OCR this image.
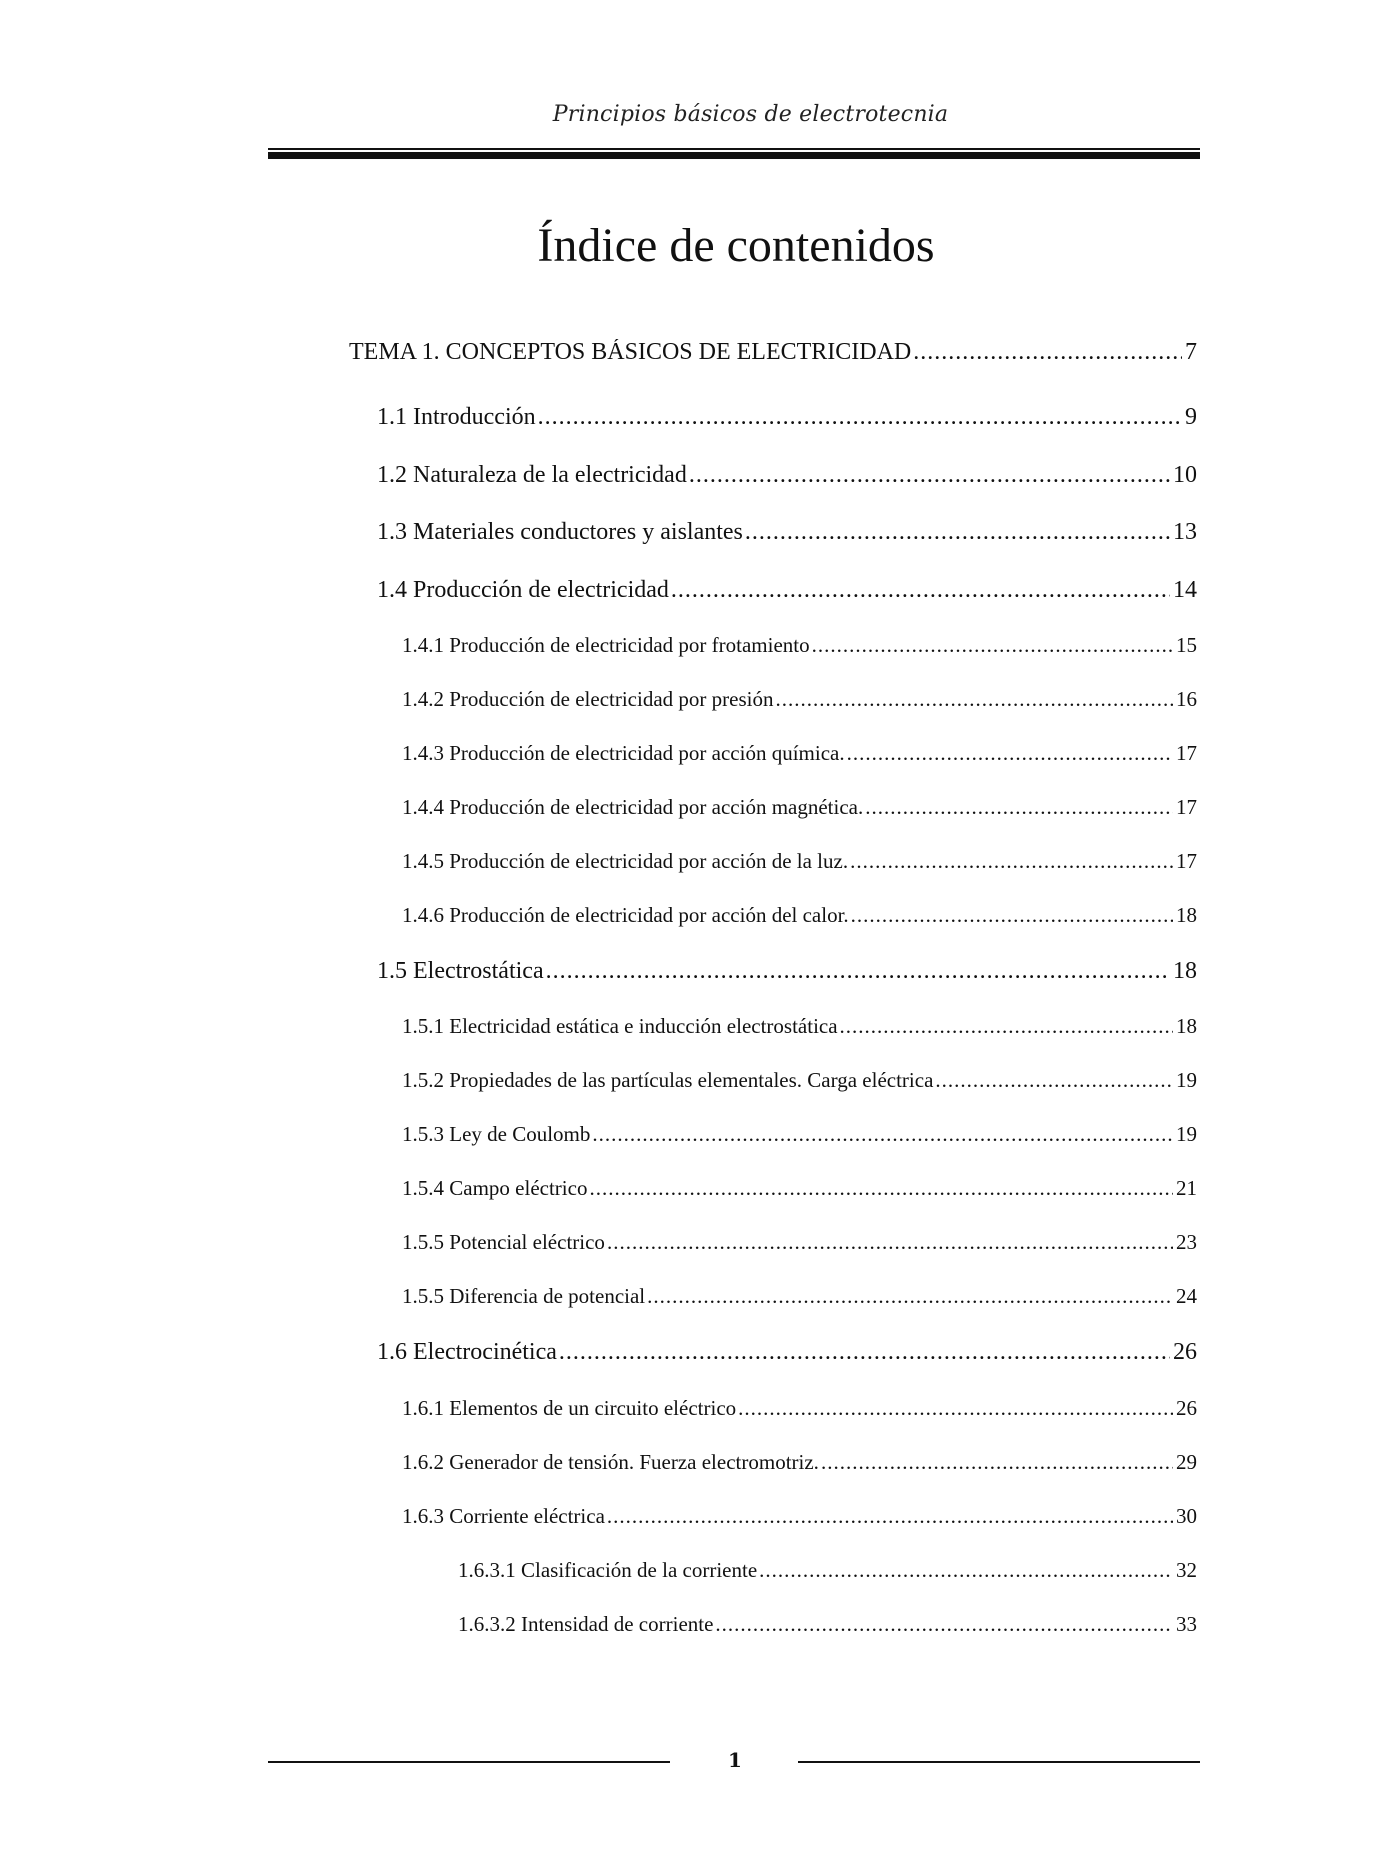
Principios básicos de electrotecnia
Índice de contenidos
TEMA 1. CONCEPTOS BÁSICOS DE ELECTRICIDAD .....	7
1.1 Introducción .....	9
1.2 Naturaleza de la electricidad .....	10
1.3 Materiales conductores y aislantes .....	13
1.4 Producción de electricidad .....	14
1.4.1 Producción de electricidad por frotamiento .....	15
1.4.2 Producción de electricidad por presión .....	16
1.4.3 Producción de electricidad por acción química. .....	17
1.4.4 Producción de electricidad por acción magnética. .....	17
1.4.5 Producción de electricidad por acción de la luz. .....	17
1.4.6 Producción de electricidad por acción del calor. .....	18
1.5 Electrostática .....	18
1.5.1 Electricidad estática e inducción electrostática .....	18
1.5.2 Propiedades de las partículas elementales. Carga eléctrica .....	19
1.5.3 Ley de Coulomb .....	19
1.5.4 Campo eléctrico .....	21
1.5.5 Potencial eléctrico .....	23
1.5.5 Diferencia de potencial .....	24
1.6 Electrocinética .....	26
1.6.1 Elementos de un circuito eléctrico .....	26
1.6.2 Generador de tensión. Fuerza electromotriz. .....	29
1.6.3 Corriente eléctrica .....	30
1.6.3.1 Clasificación de la corriente .....	32
1.6.3.2 Intensidad de corriente .....	33
1
